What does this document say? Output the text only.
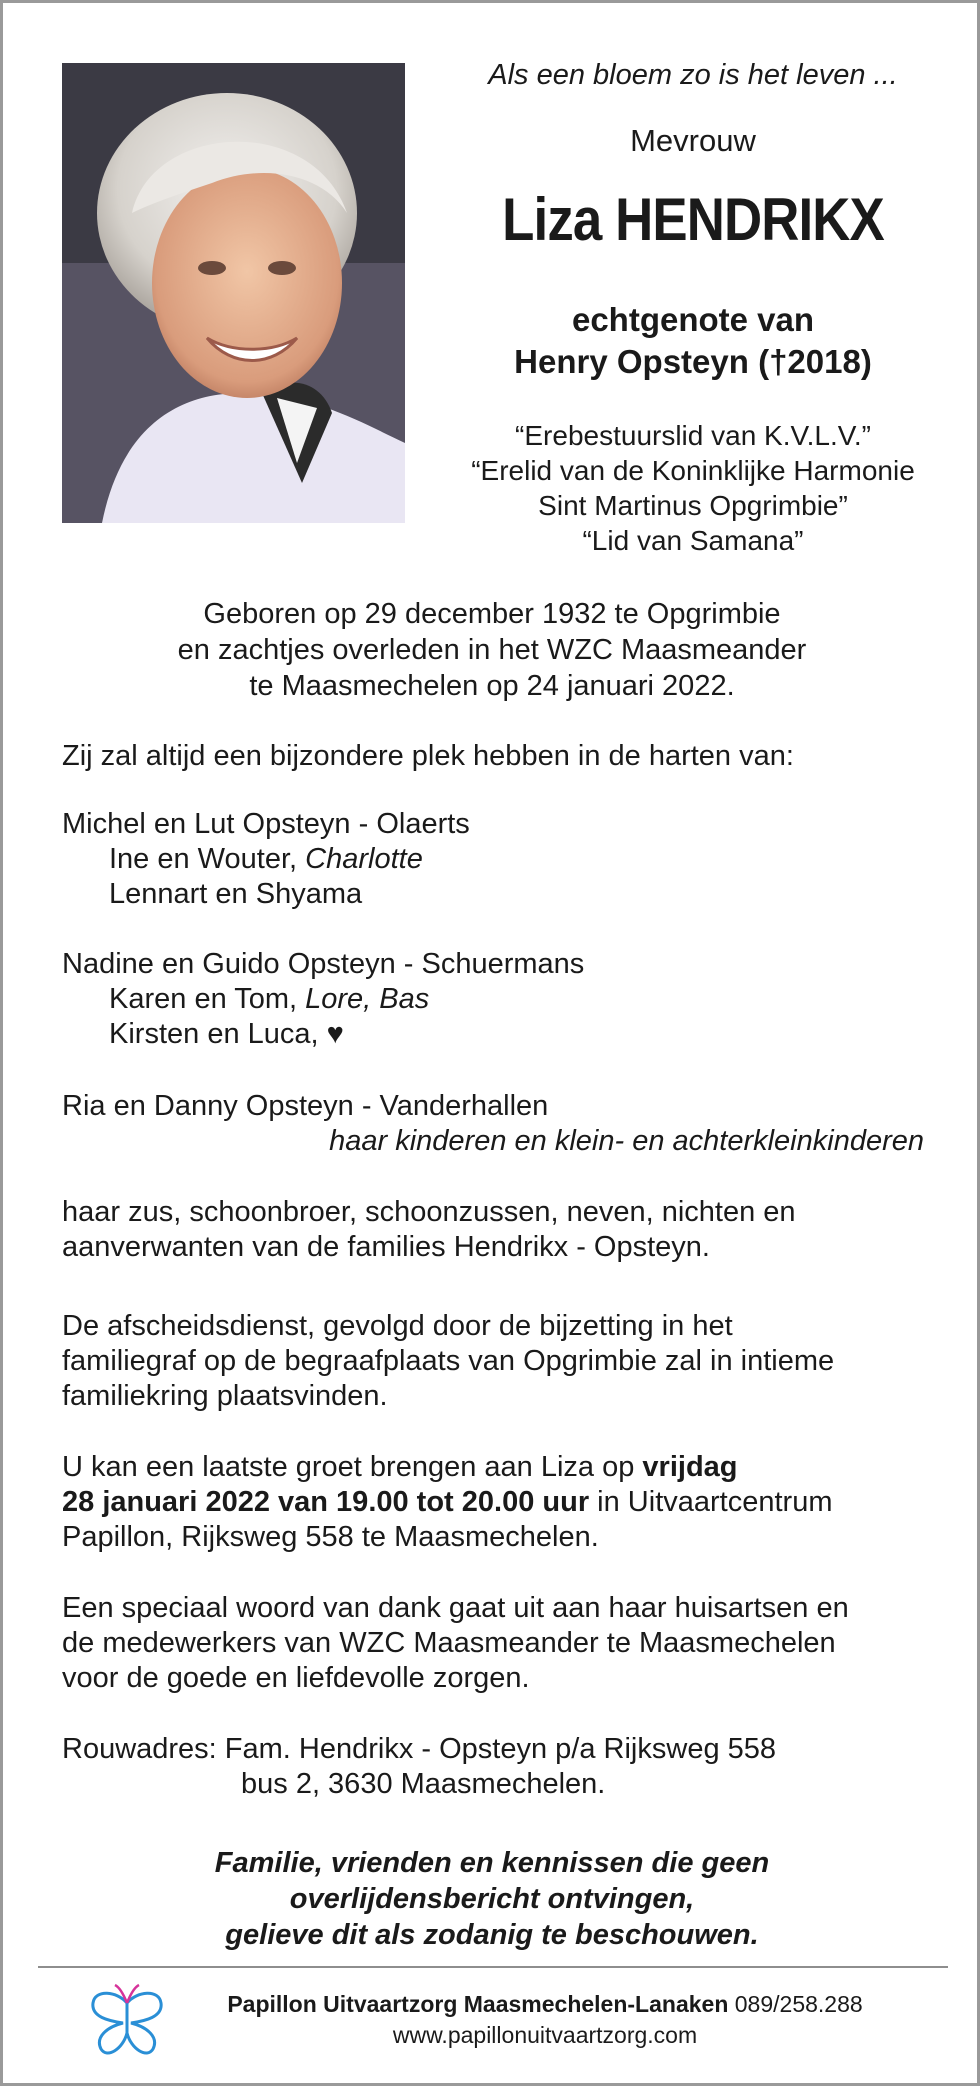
Als een bloem zo is het leven ...
Mevrouw
Liza HENDRIKX
echtgenote van
Henry Opsteyn (†2018)
“Erebestuurslid van K.V.L.V.”
“Erelid van de Koninklijke Harmonie
Sint Martinus Opgrimbie”
“Lid van Samana”
Geboren op 29 december 1932 te Opgrimbie
en zachtjes overleden in het WZC Maasmeander
te Maasmechelen op 24 januari 2022.
Zij zal altijd een bijzondere plek hebben in de harten van:
Michel en Lut Opsteyn - Olaerts
Ine en Wouter, Charlotte
Lennart en Shyama
Nadine en Guido Opsteyn - Schuermans
Karen en Tom, Lore, Bas
Kirsten en Luca, ♥
Ria en Danny Opsteyn - Vanderhallen
haar kinderen en klein- en achterkleinkinderen
haar zus, schoonbroer, schoonzussen, neven, nichten en
aanverwanten van de families Hendrikx - Opsteyn.
De afscheidsdienst, gevolgd door de bijzetting in het
familiegraf op de begraafplaats van Opgrimbie zal in intieme
familiekring plaatsvinden.
U kan een laatste groet brengen aan Liza op vrijdag
28 januari 2022 van 19.00 tot 20.00 uur in Uitvaartcentrum
Papillon, Rijksweg 558 te Maasmechelen.
Een speciaal woord van dank gaat uit aan haar huisartsen en
de medewerkers van WZC Maasmeander te Maasmechelen
voor de goede en liefdevolle zorgen.
Rouwadres: Fam. Hendrikx - Opsteyn p/a Rijksweg 558
bus 2, 3630 Maasmechelen.
Familie, vrienden en kennissen die geen
overlijdensbericht ontvingen,
gelieve dit als zodanig te beschouwen.
Papillon Uitvaartzorg Maasmechelen-Lanaken 089/258.288
www.papillonuitvaartzorg.com
